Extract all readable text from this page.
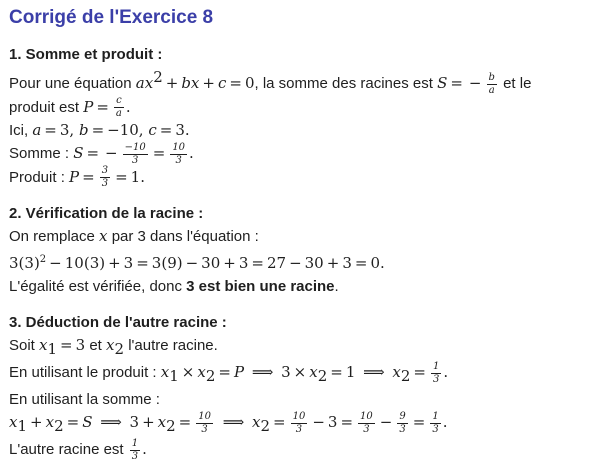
Corrigé de l'Exercice 8
1. Somme et produit :
Pour une équation $ax^2$ + bx + c = 0, la somme des racines est S = − $\frac{b}{a}$ et le
produit est $P = \frac{c}{a}$ .
Ici, a = 3, b = −10, c = 3.
Somme : S = − $\frac{-10}{3} = \frac{10}{3}$ .
Produit : $P = \frac{3}{3} = 1$.
2. Vérification de la racine :
On remplace x par 3 dans l'équation :
$3(3)^2 - 10(3) + 3 = 3(9) - 30 + 3 = 27 - 30 + 3 = 0$.
L'égalité est vérifiée, donc 3 est bien une racine.
3. Déduction de l'autre racine :
Soit $x_1 = 3$ et $x_2$ l'autre racine.
En utilisant le produit : $x_1 \times x_2 = P$ ⟹ $3 \times x_2 = 1$ ⟹ $x_2 = \frac{1}{3}$ .
En utilisant la somme :
$x_1 + x_2 = S$ ⟹ $3 + x_2 = \frac{10}{3}$ ⟹ $x_2 = \frac{10}{3} - 3 = \frac{10}{3} - \frac{9}{3} = \frac{1}{3}$ .
L'autre racine est $\frac{1}{3}$ .
